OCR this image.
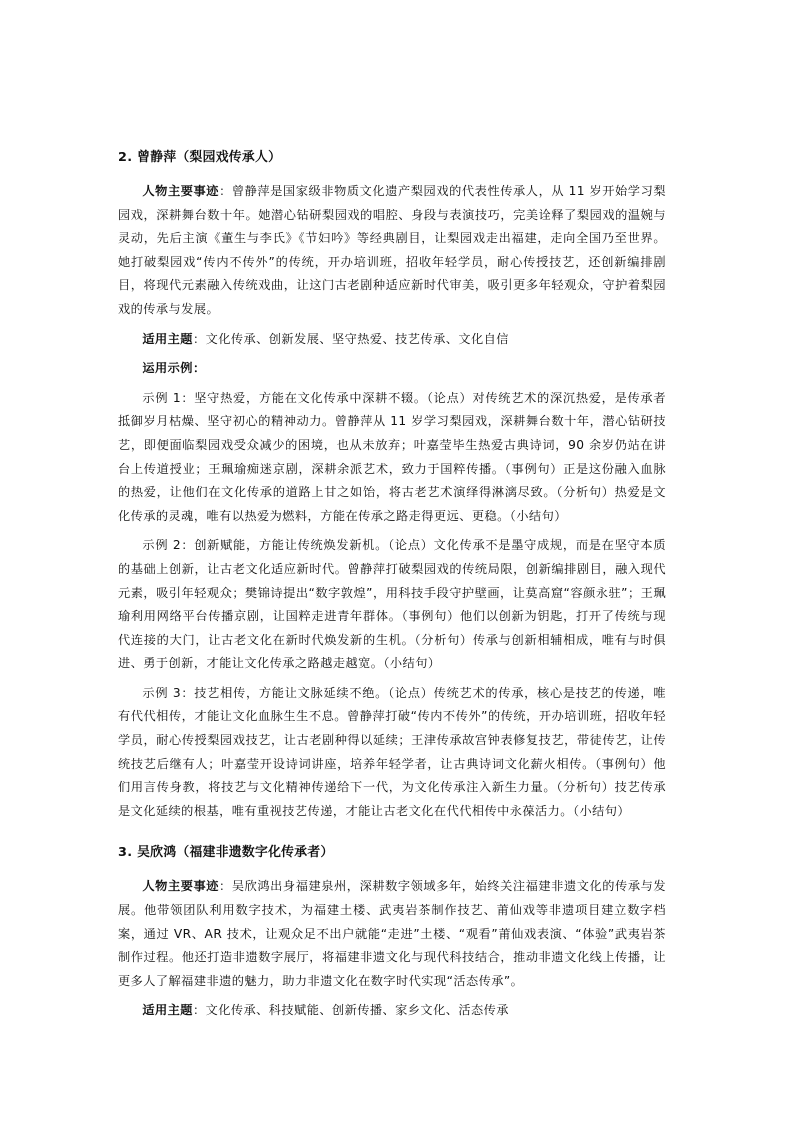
2. 曾静萍（梨园戏传承人）

人物主要事迹：曾静萍是国家级非物质文化遗产梨园戏的代表性传承人，从 11 岁开始学习梨园戏，深耕舞台数十年。她潜心钻研梨园戏的唱腔、身段与表演技巧，完美诠释了梨园戏的温婉与灵动，先后主演《董生与李氏》《节妇吟》等经典剧目，让梨园戏走出福建，走向全国乃至世界。她打破梨园戏“传内不传外”的传统，开办培训班，招收年轻学员，耐心传授技艺，还创新编排剧目，将现代元素融入传统戏曲，让这门古老剧种适应新时代审美，吸引更多年轻观众，守护着梨园戏的传承与发展。

适用主题：文化传承、创新发展、坚守热爱、技艺传承、文化自信

运用示例：

示例 1：坚守热爱，方能在文化传承中深耕不辍。（论点）对传统艺术的深沉热爱，是传承者抵御岁月枯燥、坚守初心的精神动力。曾静萍从 11 岁学习梨园戏，深耕舞台数十年，潜心钻研技艺，即便面临梨园戏受众减少的困境，也从未放弃；叶嘉莹毕生热爱古典诗词，90 余岁仍站在讲台上传道授业；王珮瑜痴迷京剧，深耕余派艺术，致力于国粹传播。（事例句）正是这份融入血脉的热爱，让他们在文化传承的道路上甘之如饴，将古老艺术演绎得淋漓尽致。（分析句）热爱是文化传承的灵魂，唯有以热爱为燃料，方能在传承之路走得更远、更稳。（小结句）

示例 2：创新赋能，方能让传统焕发新机。（论点）文化传承不是墨守成规，而是在坚守本质的基础上创新，让古老文化适应新时代。曾静萍打破梨园戏的传统局限，创新编排剧目，融入现代元素，吸引年轻观众；樊锦诗提出“数字敦煌”，用科技手段守护壁画，让莫高窟“容颜永驻”；王珮瑜利用网络平台传播京剧，让国粹走进青年群体。（事例句）他们以创新为钥匙，打开了传统与现代连接的大门，让古老文化在新时代焕发新的生机。（分析句）传承与创新相辅相成，唯有与时俱进、勇于创新，才能让文化传承之路越走越宽。（小结句）

示例 3：技艺相传，方能让文脉延续不绝。（论点）传统艺术的传承，核心是技艺的传递，唯有代代相传，才能让文化血脉生生不息。曾静萍打破“传内不传外”的传统，开办培训班，招收年轻学员，耐心传授梨园戏技艺，让古老剧种得以延续；王津传承故宫钟表修复技艺，带徒传艺，让传统技艺后继有人；叶嘉莹开设诗词讲座，培养年轻学者，让古典诗词文化薪火相传。（事例句）他们用言传身教，将技艺与文化精神传递给下一代，为文化传承注入新生力量。（分析句）技艺传承是文化延续的根基，唯有重视技艺传递，才能让古老文化在代代相传中永葆活力。（小结句）

3. 吴欣鸿（福建非遗数字化传承者）

人物主要事迹：吴欣鸿出身福建泉州，深耕数字领域多年，始终关注福建非遗文化的传承与发展。他带领团队利用数字技术，为福建土楼、武夷岩茶制作技艺、莆仙戏等非遗项目建立数字档案，通过 VR、AR 技术，让观众足不出户就能“走进”土楼、“观看”莆仙戏表演、“体验”武夷岩茶制作过程。他还打造非遗数字展厅，将福建非遗文化与现代科技结合，推动非遗文化线上传播，让更多人了解福建非遗的魅力，助力非遗文化在数字时代实现“活态传承”。

适用主题：文化传承、科技赋能、创新传播、家乡文化、活态传承
